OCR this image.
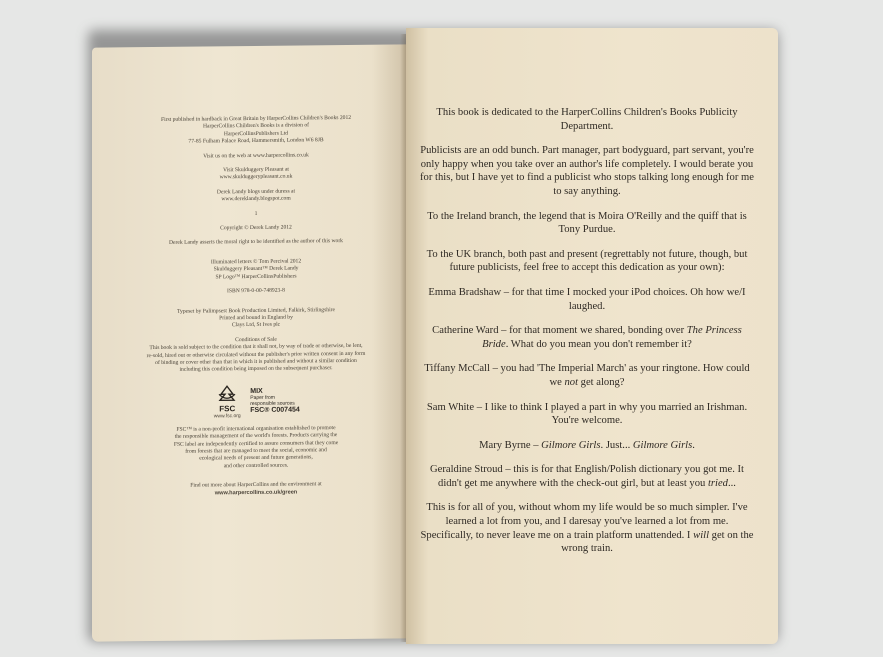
First published in hardback in Great Britain by HarperCollins Children's Books 2012

HarperCollins Children's Books is a division of

HarperCollinsPublishers Ltd

77-85 Fulham Palace Road, Hammersmith, London W6 8JB

Visit us on the web at www.harpercollins.co.uk

Visit Skulduggery Pleasant at

www.skulduggerypleasant.co.uk

Derek Landy blogs under duress at

www.dereklandy.blogspot.com

1

Copyright © Derek Landy 2012

Derek Landy asserts the moral right to be identified as the author of this work

Illuminated letters © Tom Percival 2012

Skulduggery Pleasant™ Derek Landy

SP Logo™ HarperCollinsPublishers

ISBN 978-0-00-748923-8

Typeset by Palimpsest Book Production Limited, Falkirk, Stirlingshire

Printed and bound in England by

Clays Ltd, St Ives plc

Conditions of Sale

This book is sold subject to the condition that it shall not, by way of trade or otherwise, be lent,

re-sold, hired out or otherwise circulated without the publisher's prior written consent in any form

of binding or cover other than that in which it is published and without a similar condition

including this condition being imposed on the subsequent purchaser.

FSC
www.fsc.org
MIX
Paper from
responsible sources
FSC® C007454

FSC™ is a non-profit international organisation established to promote

the responsible management of the world's forests. Products carrying the

FSC label are independently certified to assure consumers that they come

from forests that are managed to meet the social, economic and

ecological needs of present and future generations,

and other controlled sources.

Find out more about HarperCollins and the environment at

www.harpercollins.co.uk/green

This book is dedicated to the HarperCollins Children's Books Publicity Department.

Publicists are an odd bunch. Part manager, part bodyguard, part servant, you're only happy when you take over an author's life completely. I would berate you for this, but I have yet to find a publicist who stops talking long enough for me to say anything.

To the Ireland branch, the legend that is Moira O'Reilly and the quiff that is Tony Purdue.

To the UK branch, both past and present (regrettably not future, though, but future publicists, feel free to accept this dedication as your own):

Emma Bradshaw – for that time I mocked your iPod choices. Oh how we/I laughed.

Catherine Ward – for that moment we shared, bonding over The Princess Bride. What do you mean you don't remember it?

Tiffany McCall – you had 'The Imperial March' as your ringtone. How could we not get along?

Sam White – I like to think I played a part in why you married an Irishman. You're welcome.

Mary Byrne – Gilmore Girls. Just... Gilmore Girls.

Geraldine Stroud – this is for that English/Polish dictionary you got me. It didn't get me anywhere with the check-out girl, but at least you tried...

This is for all of you, without whom my life would be so much simpler. I've learned a lot from you, and I daresay you've learned a lot from me. Specifically, to never leave me on a train platform unattended. I will get on the wrong train.
